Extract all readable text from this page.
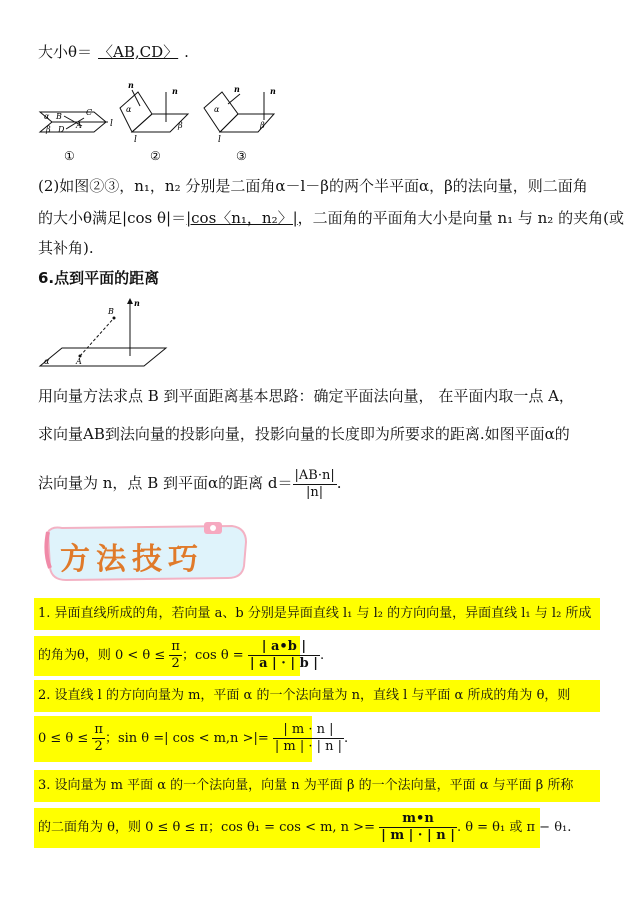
大小θ＝ 〈AB,CD〉 .
α B
A
β D
C
l
①
n
n
α
β
l
②
n	n
α
β
l
③
(2)如图②③，n₁，n₂ 分别是二面角α－l－β的两个半平面α，β的法向量，则二面角
的大小θ满足|cos θ|＝|cos〈n₁，n₂〉|，二面角的平面角大小是向量 n₁ 与 n₂ 的夹角(或
其补角).
6.点到平面的距离
n
B
A
α
用向量方法求点 B 到平面距离基本思路：确定平面法向量， 在平面内取一点 A，
求向量AB到法向量的投影向量，投影向量的长度即为所要求的距离.如图平面α的
法向量为 n，点 B 到平面α的距离 $d= \frac{|AB\cdot n|}{|n|}$ .
方法技巧
1. 异面直线所成的角，若向量 a、b 分别是异面直线 l₁ 与 l₂ 的方向向量，异面直线 l₁ 与 l₂ 所成
的角为θ，则 $0 < \theta \le \frac{\pi}{2}$ ；$\cos \theta = \frac{| a•b |}{| a | \cdot | b |}$ .
2. 设直线 l 的方向向量为 m，平面 α 的一个法向量为 n，直线 l 与平面 α 所成的角为 θ，则
$0 \le \theta \le \frac{\pi}{2}$ ；sin θ =| cos < m,n >|= $\frac{| m \cdot n |}{| m | \cdot | n |}$ .
3. 设向量为 m 平面 α 的一个法向量，向量 n 为平面 β 的一个法向量，平面 α 与平面 β 所称
的二面角为 θ，则 0 ≤ θ ≤ π；cos θ₁ = cos < m, $n >= \frac{m•n}{| m | \cdot | n |}$ . θ = θ₁ 或 π − θ₁.
